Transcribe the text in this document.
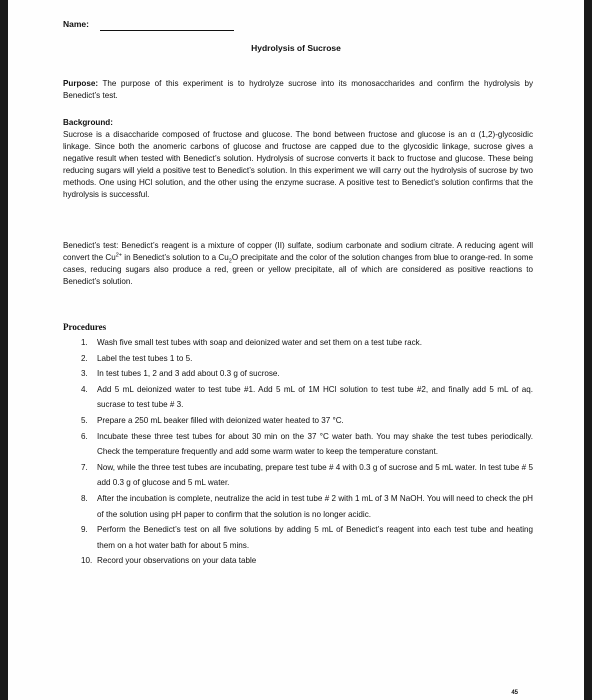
Name:
Hydrolysis of Sucrose
Purpose: The purpose of this experiment is to hydrolyze sucrose into its monosaccharides and confirm the hydrolysis by Benedict’s test.
Background:
Sucrose is a disaccharide composed of fructose and glucose. The bond between fructose and glucose is an α (1,2)-glycosidic linkage. Since both the anomeric carbons of glucose and fructose are capped due to the glycosidic linkage, sucrose gives a negative result when tested with Benedict’s solution. Hydrolysis of sucrose converts it back to fructose and glucose. These being reducing sugars will yield a positive test to Benedict’s solution. In this experiment we will carry out the hydrolysis of sucrose by two methods. One using HCl solution, and the other using the enzyme sucrase. A positive test to Benedict’s solution confirms that the hydrolysis is successful.
Benedict’s test: Benedict’s reagent is a mixture of copper (II) sulfate, sodium carbonate and sodium citrate. A reducing agent will convert the $Cu^{2+}$ in Benedict’s solution to a $Cu_2O$ precipitate and the color of the solution changes from blue to orange-red. In some cases, reducing sugars also produce a red, green or yellow precipitate, all of which are considered as positive reactions to Benedict’s solution.
Procedures
1.	Wash five small test tubes with soap and deionized water and set them on a test tube rack.
2.	Label the test tubes 1 to 5.
3.	In test tubes 1, 2 and 3 add about 0.3 g of sucrose.
4.	Add 5 mL deionized water to test tube #1. Add 5 mL of 1M HCl solution to test tube #2, and finally add 5 mL of aq. sucrase to test tube # 3.
5.	Prepare a 250 mL beaker filled with deionized water heated to 37 °C.
6.	Incubate these three test tubes for about 30 min on the 37 °C water bath. You may shake the test tubes periodically. Check the temperature frequently and add some warm water to keep the temperature constant.
7.	Now, while the three test tubes are incubating, prepare test tube # 4 with 0.3 g of sucrose and 5 mL water. In test tube # 5 add 0.3 g of glucose and 5 mL water.
8.	After the incubation is complete, neutralize the acid in test tube # 2 with 1 mL of 3 M NaOH. You will need to check the pH of the solution using pH paper to confirm that the solution is no longer acidic.
9.	Perform the Benedict’s test on all five solutions by adding 5 mL of Benedict’s reagent into each test tube and heating them on a hot water bath for about 5 mins.
10. Record your observations on your data table
45
